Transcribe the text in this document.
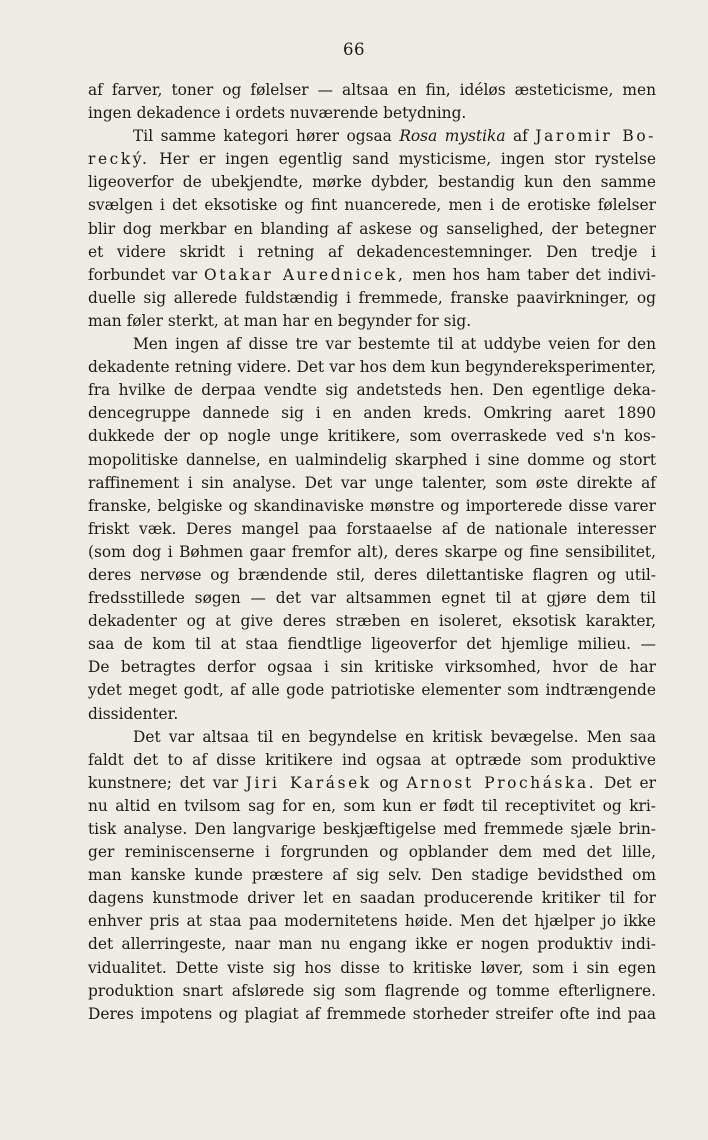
66
af farver, toner og følelser — altsaa en fin, idéløs æsteticisme, men
ingen dekadence i ordets nuværende betydning.
Til samme kategori hører ogsaa Rosa mystika af Jaromir Bo-
recký. Her er ingen egentlig sand mysticisme, ingen stor rystelse
ligeoverfor de ubekjendte, mørke dybder, bestandig kun den samme
svælgen i det eksotiske og fint nuancerede, men i de erotiske følelser
blir dog merkbar en blanding af askese og sanselighed, der betegner
et videre skridt i retning af dekadencestemninger. Den tredje i
forbundet var Otakar Aurednicek, men hos ham taber det indivi-
duelle sig allerede fuldstændig i fremmede, franske paavirkninger, og
man føler sterkt, at man har en begynder for sig.
Men ingen af disse tre var bestemte til at uddybe veien for den
dekadente retning videre. Det var hos dem kun begyndereksperimenter,
fra hvilke de derpaa vendte sig andetsteds hen. Den egentlige deka-
dencegruppe dannede sig i en anden kreds. Omkring aaret 1890
dukkede der op nogle unge kritikere, som overraskede ved s'n kos-
mopolitiske dannelse, en ualmindelig skarphed i sine domme og stort
raffinement i sin analyse. Det var unge talenter, som øste direkte af
franske, belgiske og skandinaviske mønstre og importerede disse varer
friskt væk. Deres mangel paa forstaaelse af de nationale interesser
(som dog i Bøhmen gaar fremfor alt), deres skarpe og fine sensibilitet,
deres nervøse og brændende stil, deres dilettantiske flagren og util-
fredsstillede søgen — det var altsammen egnet til at gjøre dem til
dekadenter og at give deres stræben en isoleret, eksotisk karakter,
saa de kom til at staa fiendtlige ligeoverfor det hjemlige milieu. —
De betragtes derfor ogsaa i sin kritiske virksomhed, hvor de har
ydet meget godt, af alle gode patriotiske elementer som indtrængende
dissidenter.
Det var altsaa til en begyndelse en kritisk bevægelse. Men saa
faldt det to af disse kritikere ind ogsaa at optræde som produktive
kunstnere; det var Jiri Karásek og Arnost Procháska. Det er
nu altid en tvilsom sag for en, som kun er født til receptivitet og kri-
tisk analyse. Den langvarige beskjæftigelse med fremmede sjæle brin-
ger reminiscenserne i forgrunden og opblander dem med det lille,
man kanske kunde præstere af sig selv. Den stadige bevidsthed om
dagens kunstmode driver let en saadan producerende kritiker til for
enhver pris at staa paa modernitetens høide. Men det hjælper jo ikke
det allerringeste, naar man nu engang ikke er nogen produktiv indi-
vidualitet. Dette viste sig hos disse to kritiske løver, som i sin egen
produktion snart afslørede sig som flagrende og tomme efterlignere.
Deres impotens og plagiat af fremmede storheder streifer ofte ind paa
